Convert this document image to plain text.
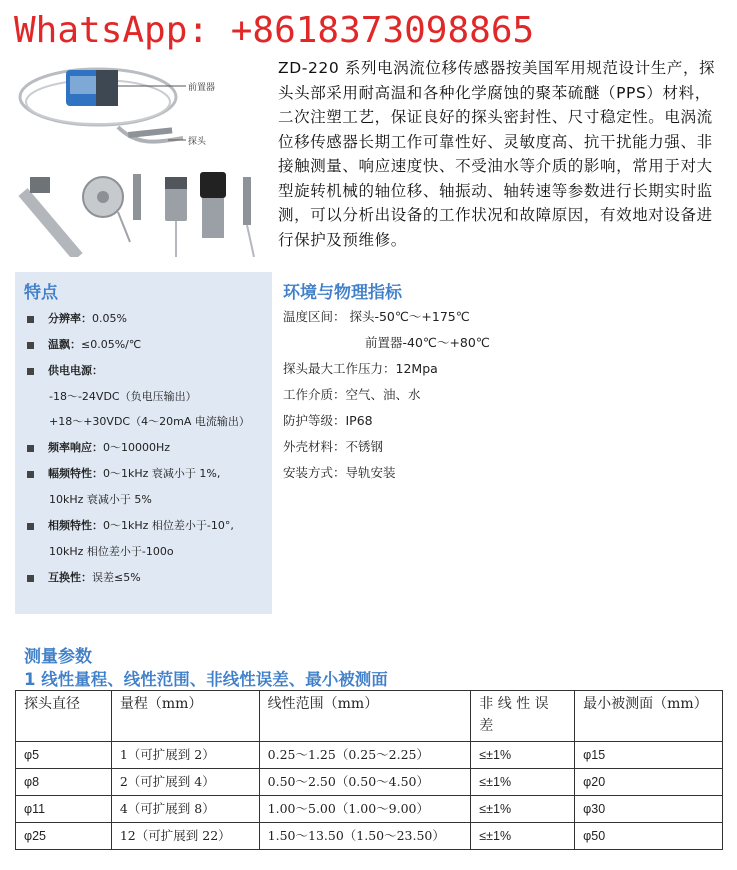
WhatsApp: +8618373098865
前置器
探头
ZD-220 系列电涡流位移传感器按美国军用规范设计生产，探头头部采用耐高温和各种化学腐蚀的聚苯硫醚（PPS）材料，二次注塑工艺，保证良好的探头密封性、尺寸稳定性。电涡流位移传感器长期工作可靠性好、灵敏度高、抗干扰能力强、非接触测量、响应速度快、不受油水等介质的影响，常用于对大型旋转机械的轴位移、轴振动、轴转速等参数进行长期实时监测，可以分析出设备的工作状况和故障原因，有效地对设备进行保护及预维修。
特点
分辨率：0.05%
温飘：≤0.05%/℃
供电电源：
-18～-24VDC（负电压输出）
+18～+30VDC（4～20mA 电流输出）
频率响应：0～10000Hz
幅频特性：0～1kHz 衰减小于 1%,
10kHz 衰减小于 5%
相频特性：0～1kHz 相位差小于-10°,
10kHz 相位差小于-100o
互换性：误差≤5%
环境与物理指标
温度区间： 探头-50℃～+175℃
前置器-40℃～+80℃
探头最大工作压力：12Mpa
工作介质：空气、油、水
防护等级：IP68
外壳材料：不锈钢
安装方式：导轨安装
测量参数
1 线性量程、线性范围、非线性误差、最小被测面
探头直径	量程（mm）	线性范围（mm）	非 线 性 误 差	最小被测面（mm）
φ5	1（可扩展到 2）	0.25～1.25（0.25～2.25）	≤±1%	φ15
φ8	2（可扩展到 4）	0.50～2.50（0.50～4.50）	≤±1%	φ20
φ11	4（可扩展到 8）	1.00～5.00（1.00～9.00）	≤±1%	φ30
φ25	12（可扩展到 22）	1.50～13.50（1.50～23.50）	≤±1%	φ50
